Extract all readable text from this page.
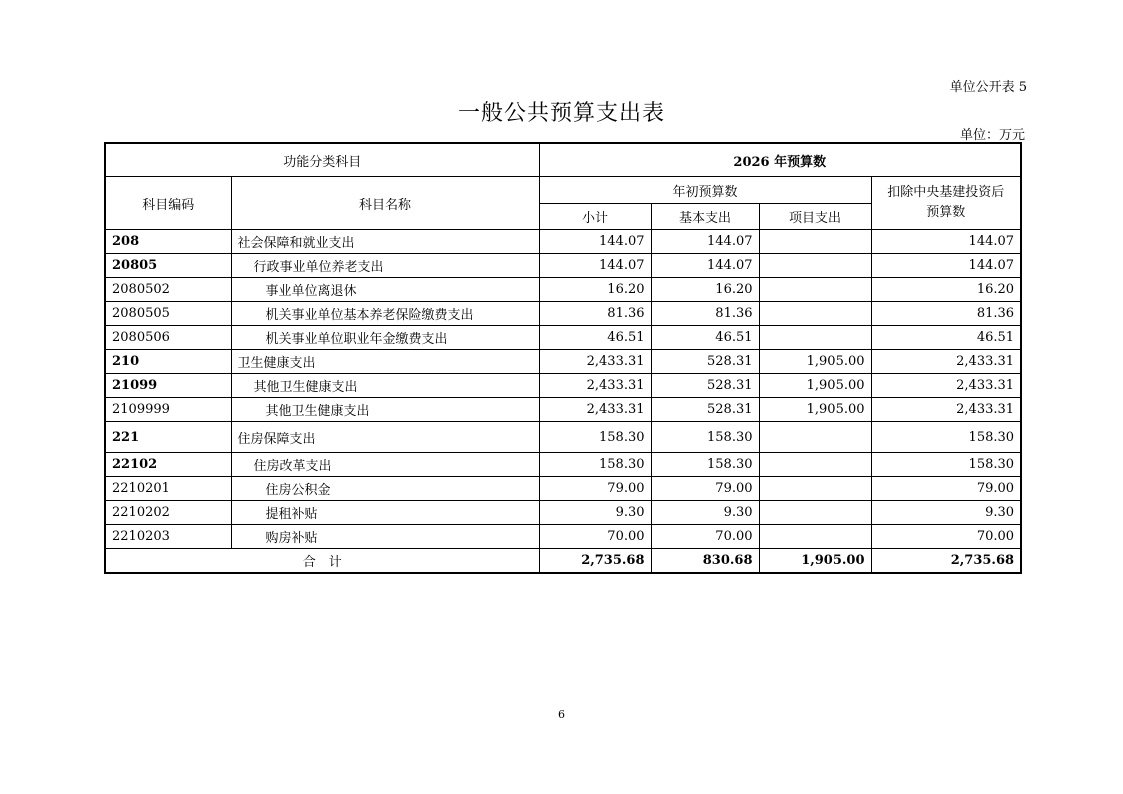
单位公开表 5
一般公共预算支出表
单位：万元
功能分类科目		2026 年预算数			
科目编码	科目名称	年初预算数			扣除中央基建投资后
预算数

		小计	基本支出	项目支出	
208	社会保障和就业支出	144.07	144.07		144.07
20805	行政事业单位养老支出	144.07	144.07		144.07
2080502	事业单位离退休	16.20	16.20		16.20
2080505	机关事业单位基本养老保险缴费支出	81.36	81.36		81.36
2080506	机关事业单位职业年金缴费支出	46.51	46.51		46.51
210	卫生健康支出	2,433.31	528.31	1,905.00	2,433.31
21099	其他卫生健康支出	2,433.31	528.31	1,905.00	2,433.31
2109999	其他卫生健康支出	2,433.31	528.31	1,905.00	2,433.31
221	住房保障支出	158.30	158.30		158.30
22102	住房改革支出	158.30	158.30		158.30
2210201	住房公积金	79.00	79.00		79.00
2210202	提租补贴	9.30	9.30		9.30
2210203	购房补贴	70.00	70.00		70.00
合　计		2,735.68	830.68	1,905.00	2,735.68
6
